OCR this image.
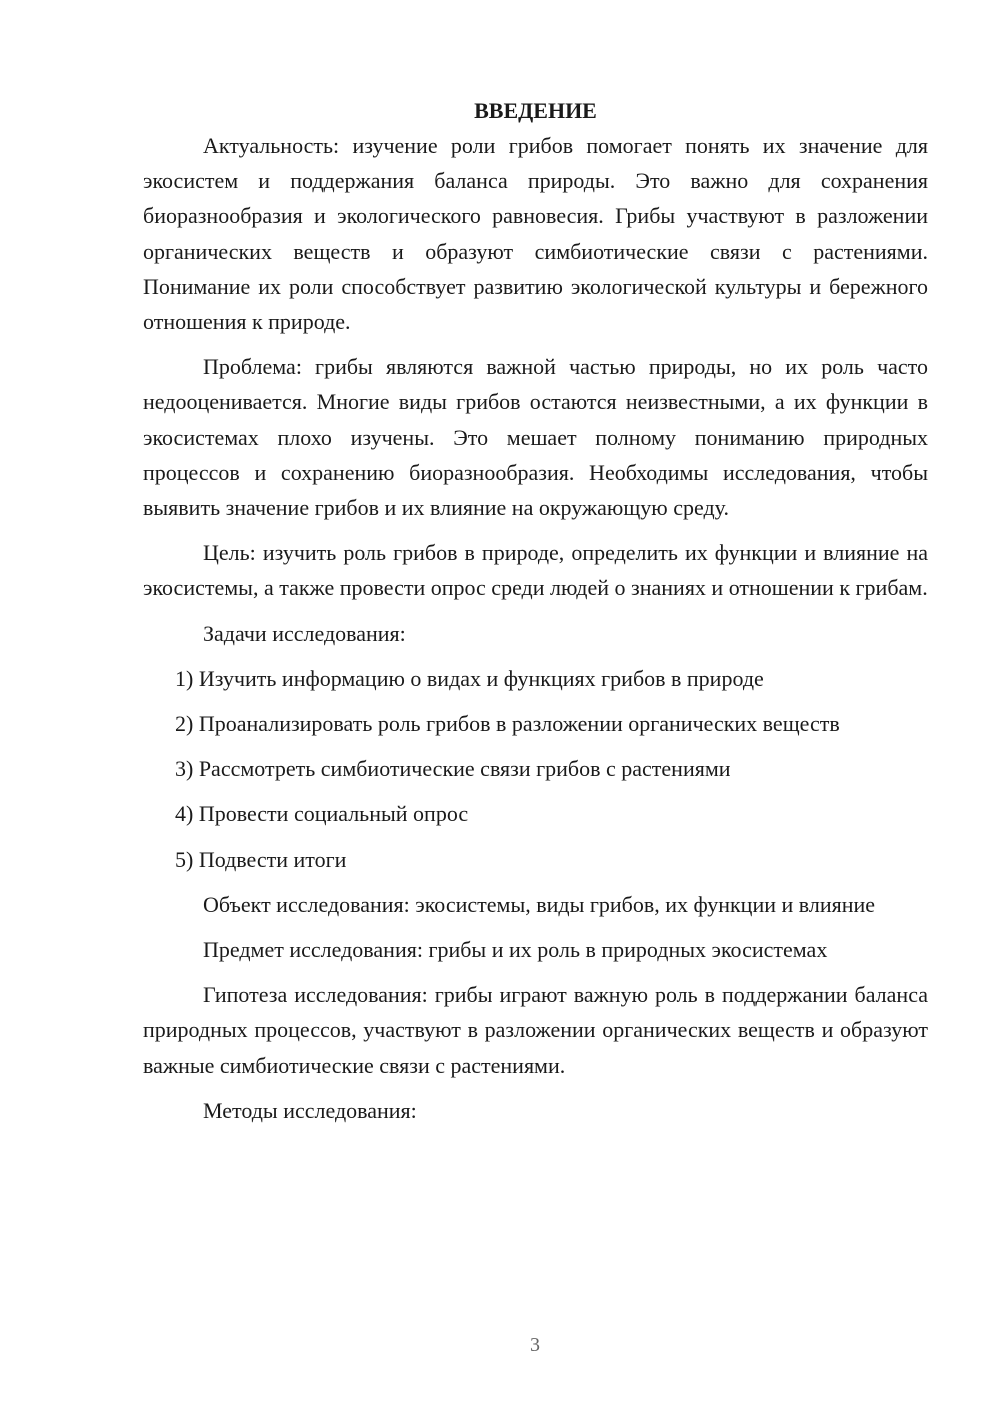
ВВЕДЕНИЕ

Актуальность: изучение роли грибов помогает понять их значение для экосистем и поддержания баланса природы. Это важно для сохранения биоразнообразия и экологического равновесия. Грибы участвуют в разложении органических веществ и образуют симбиотические связи с растениями. Понимание их роли способствует развитию экологической культуры и бережного отношения к природе.

Проблема: грибы являются важной частью природы, но их роль часто недооценивается. Многие виды грибов остаются неизвестными, а их функции в экосистемах плохо изучены. Это мешает полному пониманию природных процессов и сохранению биоразнообразия. Необходимы исследования, чтобы выявить значение грибов и их влияние на окружающую среду.

Цель: изучить роль грибов в природе, определить их функции и влияние на экосистемы, а также провести опрос среди людей о знаниях и отношении к грибам.

Задачи исследования:

1) Изучить информацию о видах и функциях грибов в природе

2) Проанализировать роль грибов в разложении органических веществ

3) Рассмотреть симбиотические связи грибов с растениями

4) Провести социальный опрос

5) Подвести итоги

Объект исследования: экосистемы, виды грибов, их функции и влияние

Предмет исследования: грибы и их роль в природных экосистемах

Гипотеза исследования: грибы играют важную роль в поддержании баланса природных процессов, участвуют в разложении органических веществ и образуют важные симбиотические связи с растениями.

Методы исследования:

3
